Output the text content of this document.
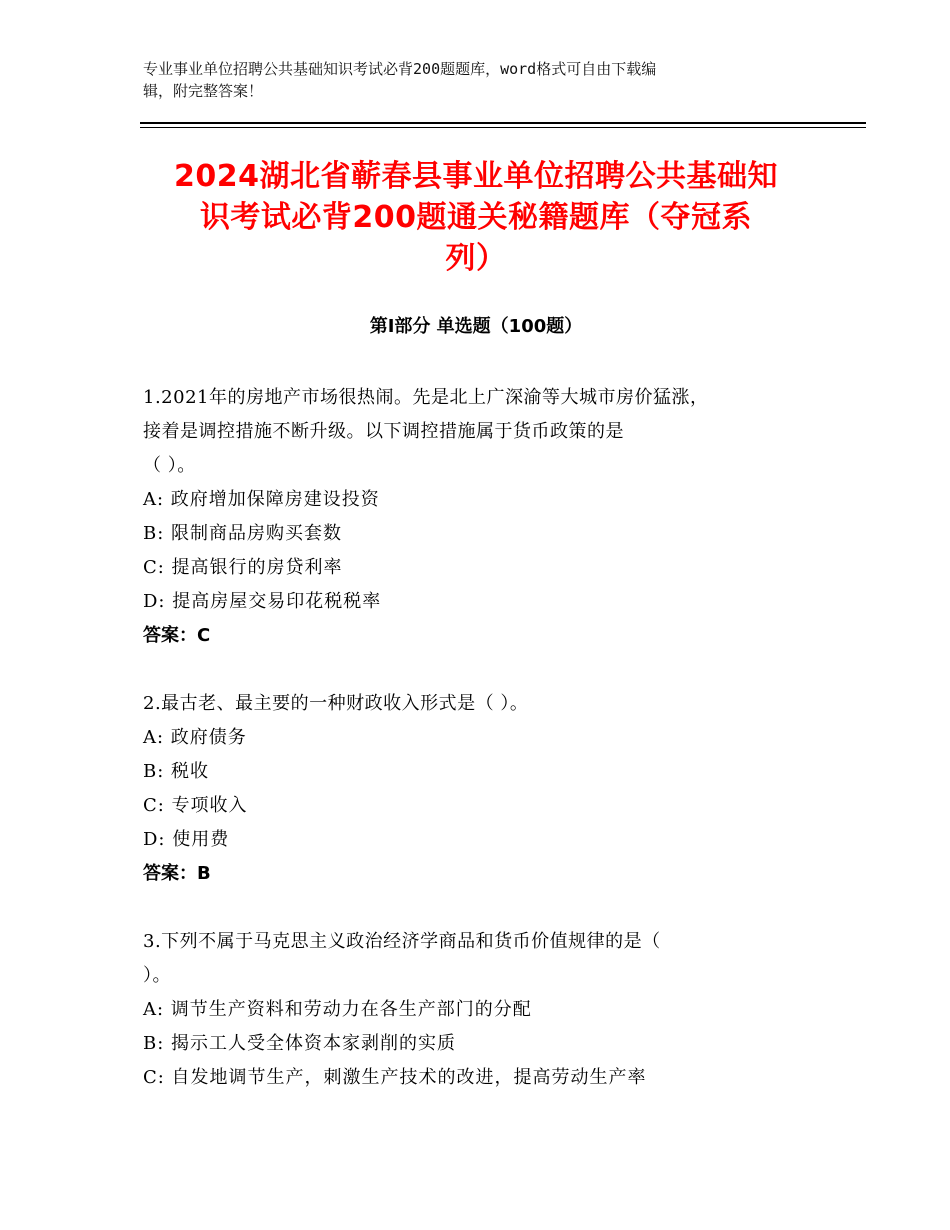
专业事业单位招聘公共基础知识考试必背200题题库，word格式可自由下载编
辑，附完整答案！
2024湖北省蕲春县事业单位招聘公共基础知
识考试必背200题通关秘籍题库（夺冠系
列）
第Ⅰ部分 单选题（100题）

1.2021年的房地产市场很热闹。先是北上广深渝等大城市房价猛涨，

接着是调控措施不断升级。以下调控措施属于货币政策的是

（ ）。

A: 政府增加保障房建设投资

B: 限制商品房购买套数

C: 提高银行的房贷利率

D: 提高房屋交易印花税税率

答案：C

2.最古老、最主要的一种财政收入形式是（ ）。

A: 政府债务

B: 税收

C: 专项收入

D: 使用费

答案：B

3.下列不属于马克思主义政治经济学商品和货币价值规律的是（

）。

A: 调节生产资料和劳动力在各生产部门的分配

B: 揭示工人受全体资本家剥削的实质

C: 自发地调节生产，刺激生产技术的改进，提高劳动生产率
